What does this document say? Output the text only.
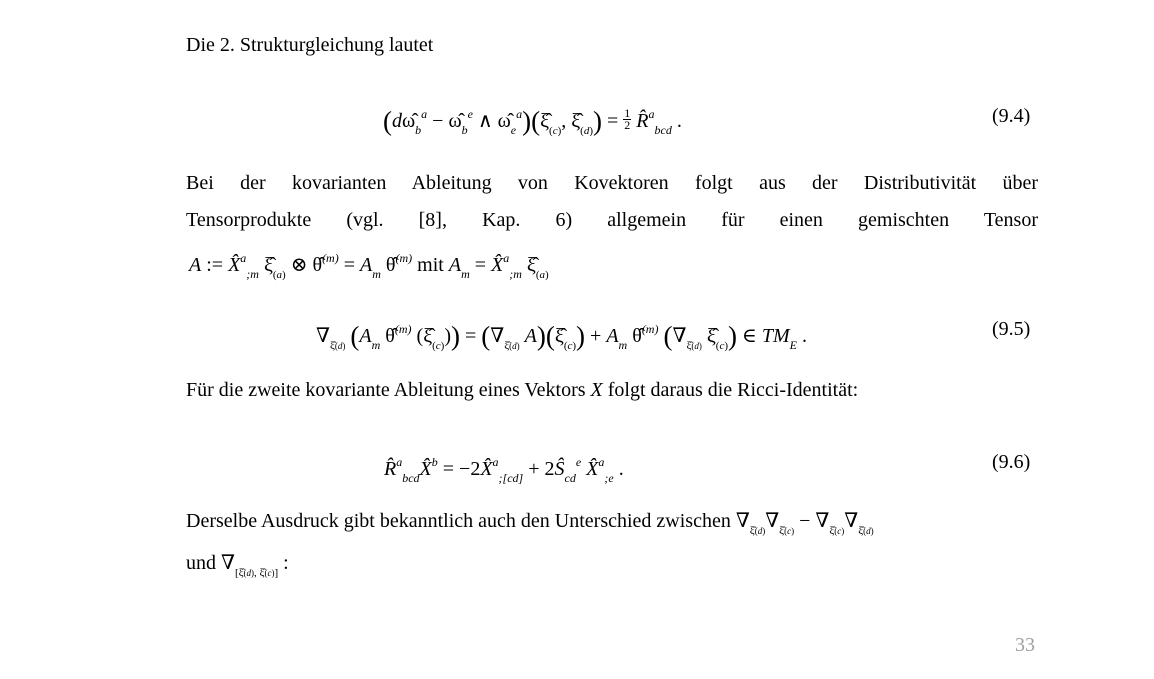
Die 2. Strukturgleichung lautet
($d\omegâ_b^a$ − $\omegâ_b^e$ ∧ $\omegâ_e^a)(\xî_{(c)}$, $\xî_{(d)}) = \frac{1}{2}$ R̂$^a_{bcd}$ .	(9.4)
Bei der kovarianten Ableitung von Kovektoren folgt aus der Distributivität über
Tensorprodukte (vgl. [8], Kap. 6) allgemein für einen gemischten Tensor
A := X̂$^a_{;m}$ $\xî_{(a)}$ ⊗ θ̂$^{(m)}$ = $A_m$ θ̂$^{(m)}$ mit $A_m$ = X̂$^a_{;m}$ $\xî_{(a)}$
$\nabla_{\xî(d)}$ ($A_m$ θ̂$^{(m)}$ $(\xî_{(c)})) = (\nabla_{\xî(d)}$ $A)(\xî_{(c)}) + A_m$ θ̂$^{(m)}$ ($\nabla_{\xî(d)}$ $\xî_{(c)}$) ∈ $TM_E$ .	(9.5)
Für die zweite kovariante Ableitung eines Vektors X folgt daraus die Ricci-Identität:
R̂$^a_{bcd}$X̂$^b$ = −2X̂$^a_{;[cd]}$ + $2Ŝ_{cd}^e$ X̂$^a_{;e}$ .	(9.6)
Derselbe Ausdruck gibt bekanntlich auch den Unterschied zwischen $\nabla_{\xî(d)}\nabla_{\xî(c)} - \nabla_{\xî(c)}\nabla_{\xî(d)}$
und $\nabla_{[\xî(d), \xî(c)]}$ :
33
